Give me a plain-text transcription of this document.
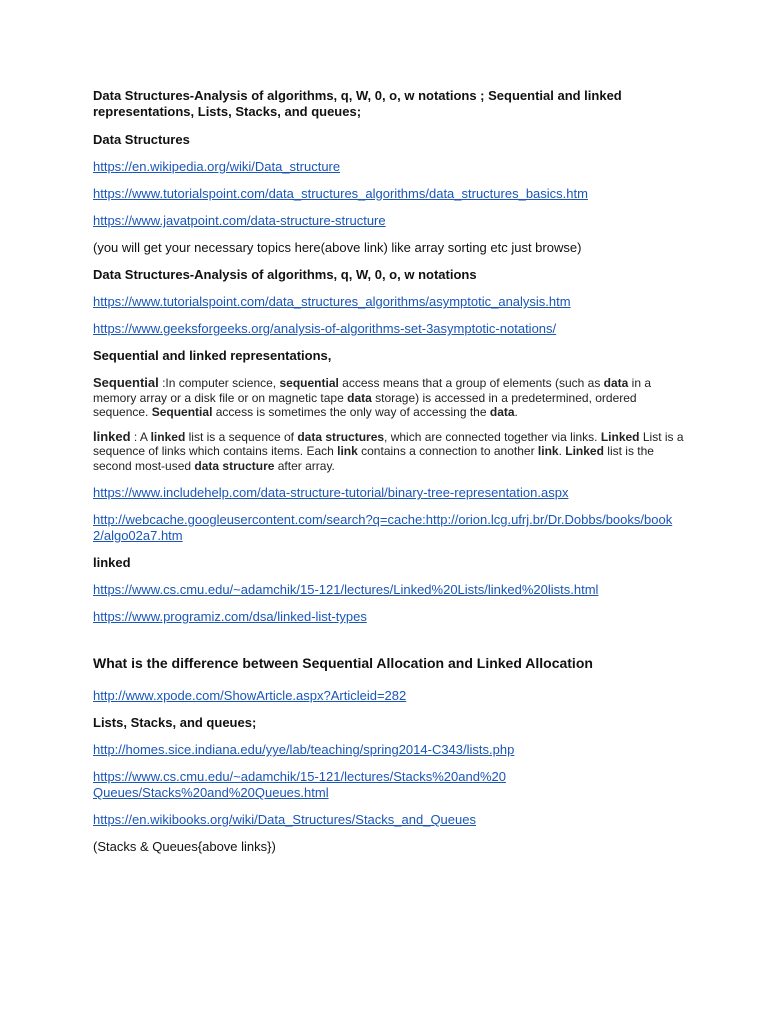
Data Structures-Analysis of algorithms, q, W, 0, o, w notations ; Sequential and linked representations, Lists, Stacks, and queues;

Data Structures

https://en.wikipedia.org/wiki/Data_structure
https://www.tutorialspoint.com/data_structures_algorithms/data_structures_basics.htm
https://www.javatpoint.com/data-structure-structure

(you will get your necessary topics here(above link) like array sorting etc just browse)

Data Structures-Analysis of algorithms, q, W, 0, o, w notations

https://www.tutorialspoint.com/data_structures_algorithms/asymptotic_analysis.htm
https://www.geeksforgeeks.org/analysis-of-algorithms-set-3asymptotic-notations/

Sequential and linked representations,

Sequential :In computer science, sequential access means that a group of elements (such as data in a memory array or a disk file or on magnetic tape data storage) is accessed in a predetermined, ordered sequence. Sequential access is sometimes the only way of accessing the data.

linked : A linked list is a sequence of data structures, which are connected together via links. Linked List is a sequence of links which contains items. Each link contains a connection to another link. Linked list is the second most-used data structure after array.

https://www.includehelp.com/data-structure-tutorial/binary-tree-representation.aspx
http://webcache.googleusercontent.com/search?q=cache:http://orion.lcg.ufrj.br/Dr.Dobbs/books/book2/algo02a7.htm

linked

https://www.cs.cmu.edu/~adamchik/15-121/lectures/Linked%20Lists/linked%20lists.html
https://www.programiz.com/dsa/linked-list-types

What is the difference between Sequential Allocation and Linked Allocation

http://www.xpode.com/ShowArticle.aspx?Articleid=282

Lists, Stacks, and queues;

http://homes.sice.indiana.edu/yye/lab/teaching/spring2014-C343/lists.php
https://www.cs.cmu.edu/~adamchik/15-121/lectures/Stacks%20and%20Queues/Stacks%20and%20Queues.html
https://en.wikibooks.org/wiki/Data_Structures/Stacks_and_Queues

(Stacks & Queues{above links})
